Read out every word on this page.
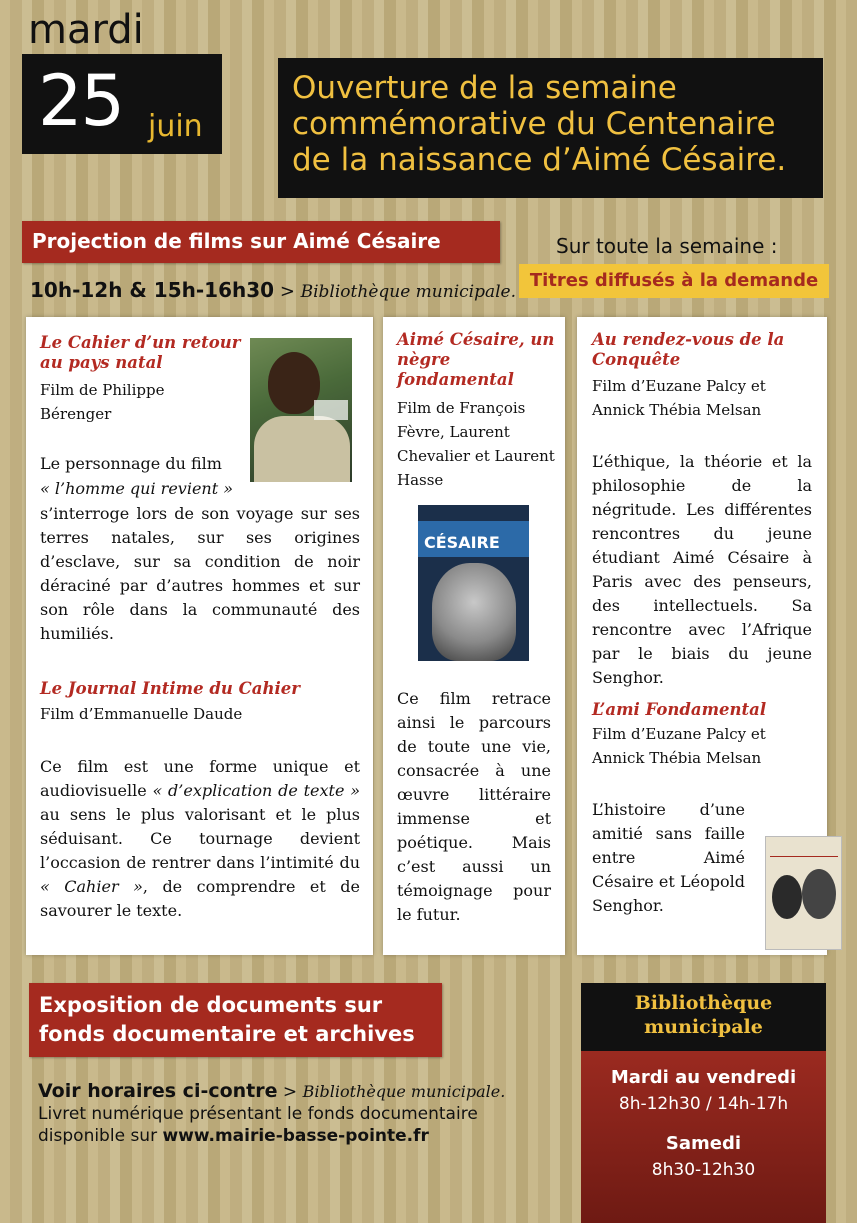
mardi
25 juin

Ouverture de la semaine

commémorative du Centenaire

de la naissance d’Aimé Césaire.

Projection de films sur Aimé Césaire	Sur toute la semaine :
Titres diffusés à la demande
10h-12h & 15h-16h30 > Bibliothèque municipale.
Le Cahier d’un retour au pays natal
Film de Philippe Bérenger
Le personnage du film
« l’homme qui revient »
s’interroge lors de son voyage sur ses terres natales, sur ses origines d’esclave, sur sa condition de noir déraciné par d’autres hommes et sur son rôle dans la communauté des humiliés.
Le Journal Intime du Cahier
Film d’Emmanuelle Daude
Ce film est une forme unique et audiovisuelle « d’explication de texte » au sens le plus valorisant et le plus séduisant. Ce tournage devient l’occasion de rentrer dans l’intimité du « Cahier », de comprendre et de savourer le texte.
Aimé Césaire, un nègre fondamental
Film de François Fèvre, Laurent Chevalier et Laurent Hasse
CÉSAIRE
Ce film retrace ainsi le parcours de toute une vie, consacrée à une œuvre littéraire immense et poétique. Mais c’est aussi un témoignage pour le futur.
Au rendez-vous de la Conquête
Film d’Euzane Palcy et Annick Thébia Melsan
L’éthique, la théorie et la philosophie de la négritude. Les différentes rencontres du jeune étudiant Aimé Césaire à Paris avec des penseurs, des intellectuels. Sa rencontre avec l’Afrique par le biais du jeune Senghor.
L’ami Fondamental
Film d’Euzane Palcy et Annick Thébia Melsan
L’histoire d’une amitié sans faille entre Aimé Césaire et Léopold Senghor.
Exposition de documents sur
fonds documentaire et archives
Voir horaires ci-contre > Bibliothèque municipale.
Livret numérique présentant le fonds documentaire
disponible sur www.mairie-basse-pointe.fr
Bibliothèque
municipale
Mardi au vendredi
8h-12h30 / 14h-17h
Samedi
8h30-12h30
